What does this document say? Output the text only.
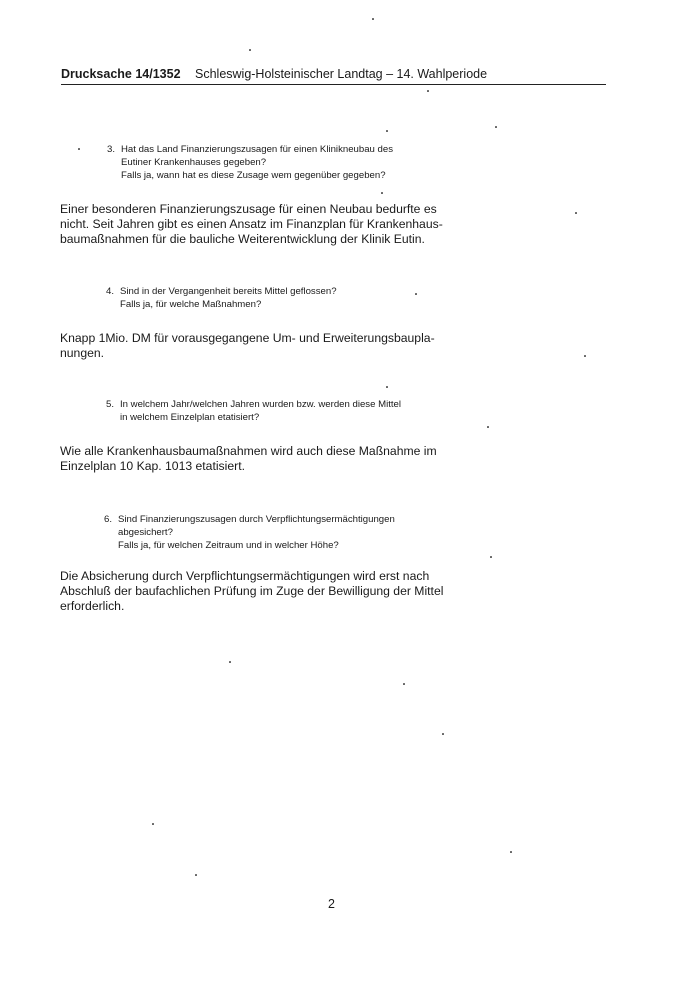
Drucksache 14/1352 Schleswig-Holsteinischer Landtag – 14. Wahlperiode
3. Hat das Land Finanzierungszusagen für einen Klinikneubau des
Eutiner Krankenhauses gegeben?
Falls ja, wann hat es diese Zusage wem gegenüber gegeben?
Einer besonderen Finanzierungszusage für einen Neubau bedurfte es
nicht. Seit Jahren gibt es einen Ansatz im Finanzplan für Krankenhaus-
baumaßnahmen für die bauliche Weiterentwicklung der Klinik Eutin.
4. Sind in der Vergangenheit bereits Mittel geflossen?
Falls ja, für welche Maßnahmen?
Knapp 1Mio. DM für vorausgegangene Um- und Erweiterungsbaupla-
nungen.
5. In welchem Jahr/welchen Jahren wurden bzw. werden diese Mittel
in welchem Einzelplan etatisiert?
Wie alle Krankenhausbaumaßnahmen wird auch diese Maßnahme im
Einzelplan 10 Kap. 1013 etatisiert.
6. Sind Finanzierungszusagen durch Verpflichtungsermächtigungen
abgesichert?
Falls ja, für welchen Zeitraum und in welcher Höhe?
Die Absicherung durch Verpflichtungsermächtigungen wird erst nach
Abschluß der baufachlichen Prüfung im Zuge der Bewilligung der Mittel
erforderlich.
2
